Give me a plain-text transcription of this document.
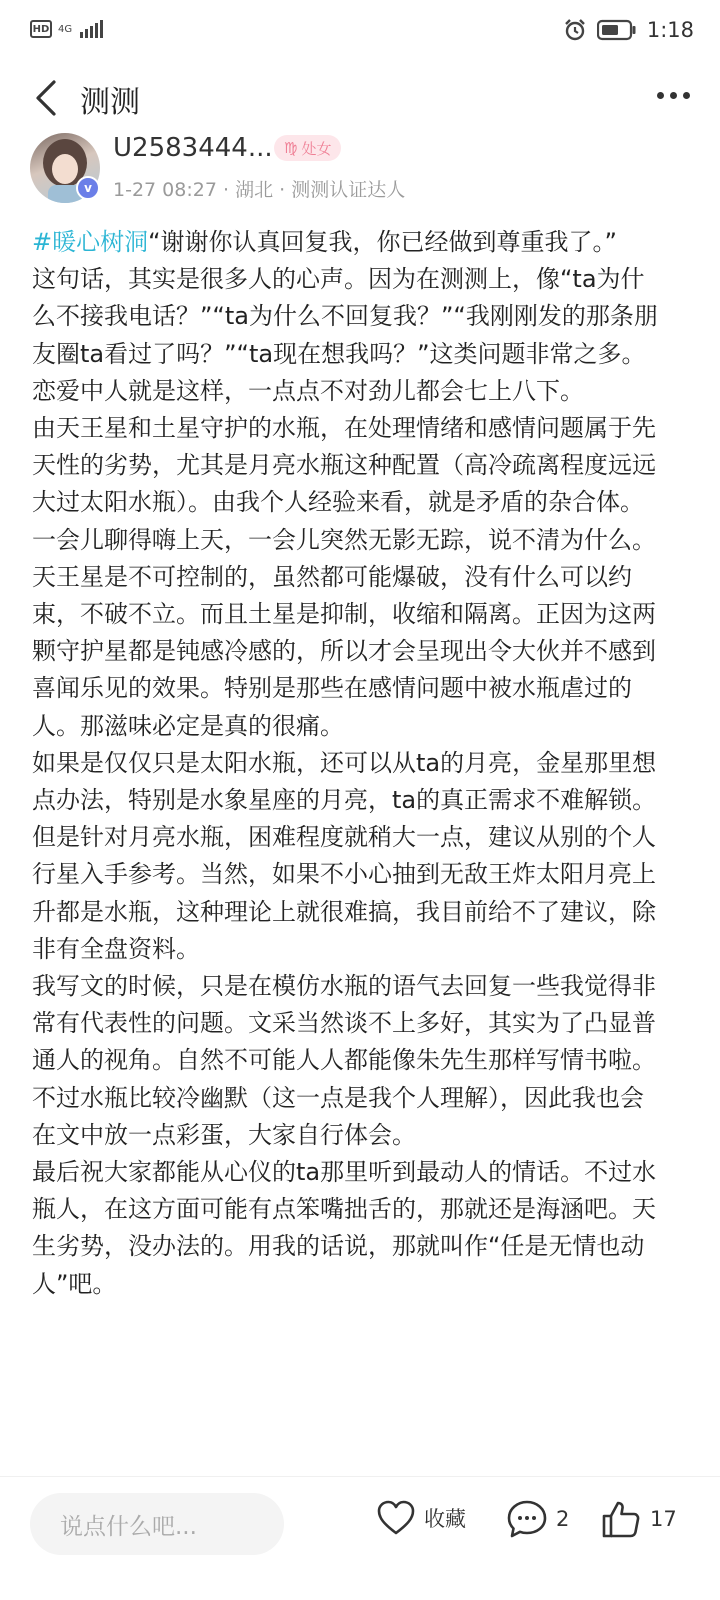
HD 4G	1:18
测测
v
U2583444... ♍ 处女
1-27 08:27 · 湖北 · 测测认证达人

#暖心树洞“谢谢你认真回复我，你已经做到尊重我了。”

这句话，其实是很多人的心声。因为在测测上，像“ta为什么不接我电话？”“ta为什么不回复我？”“我刚刚发的那条朋友圈ta看过了吗？”“ta现在想我吗？”这类问题非常之多。恋爱中人就是这样，一点点不对劲儿都会七上八下。

由天王星和土星守护的水瓶，在处理情绪和感情问题属于先天性的劣势，尤其是月亮水瓶这种配置（高冷疏离程度远远大过太阳水瓶）。由我个人经验来看，就是矛盾的杂合体。一会儿聊得嗨上天，一会儿突然无影无踪，说不清为什么。天王星是不可控制的，虽然都可能爆破，没有什么可以约束，不破不立。而且土星是抑制，收缩和隔离。正因为这两颗守护星都是钝感冷感的，所以才会呈现出令大伙并不感到喜闻乐见的效果。特别是那些在感情问题中被水瓶虐过的人。那滋味必定是真的很痛。

如果是仅仅只是太阳水瓶，还可以从ta的月亮，金星那里想点办法，特别是水象星座的月亮，ta的真正需求不难解锁。但是针对月亮水瓶，困难程度就稍大一点，建议从别的个人行星入手参考。当然，如果不小心抽到无敌王炸太阳月亮上升都是水瓶，这种理论上就很难搞，我目前给不了建议，除非有全盘资料。

我写文的时候，只是在模仿水瓶的语气去回复一些我觉得非常有代表性的问题。文采当然谈不上多好，其实为了凸显普通人的视角。自然不可能人人都能像朱先生那样写情书啦。不过水瓶比较冷幽默（这一点是我个人理解），因此我也会在文中放一点彩蛋，大家自行体会。

最后祝大家都能从心仪的ta那里听到最动人的情话。不过水瓶人，在这方面可能有点笨嘴拙舌的，那就还是海涵吧。天生劣势，没办法的。用我的话说，那就叫作“任是无情也动人”吧。

说点什么吧...	收藏	2	17
